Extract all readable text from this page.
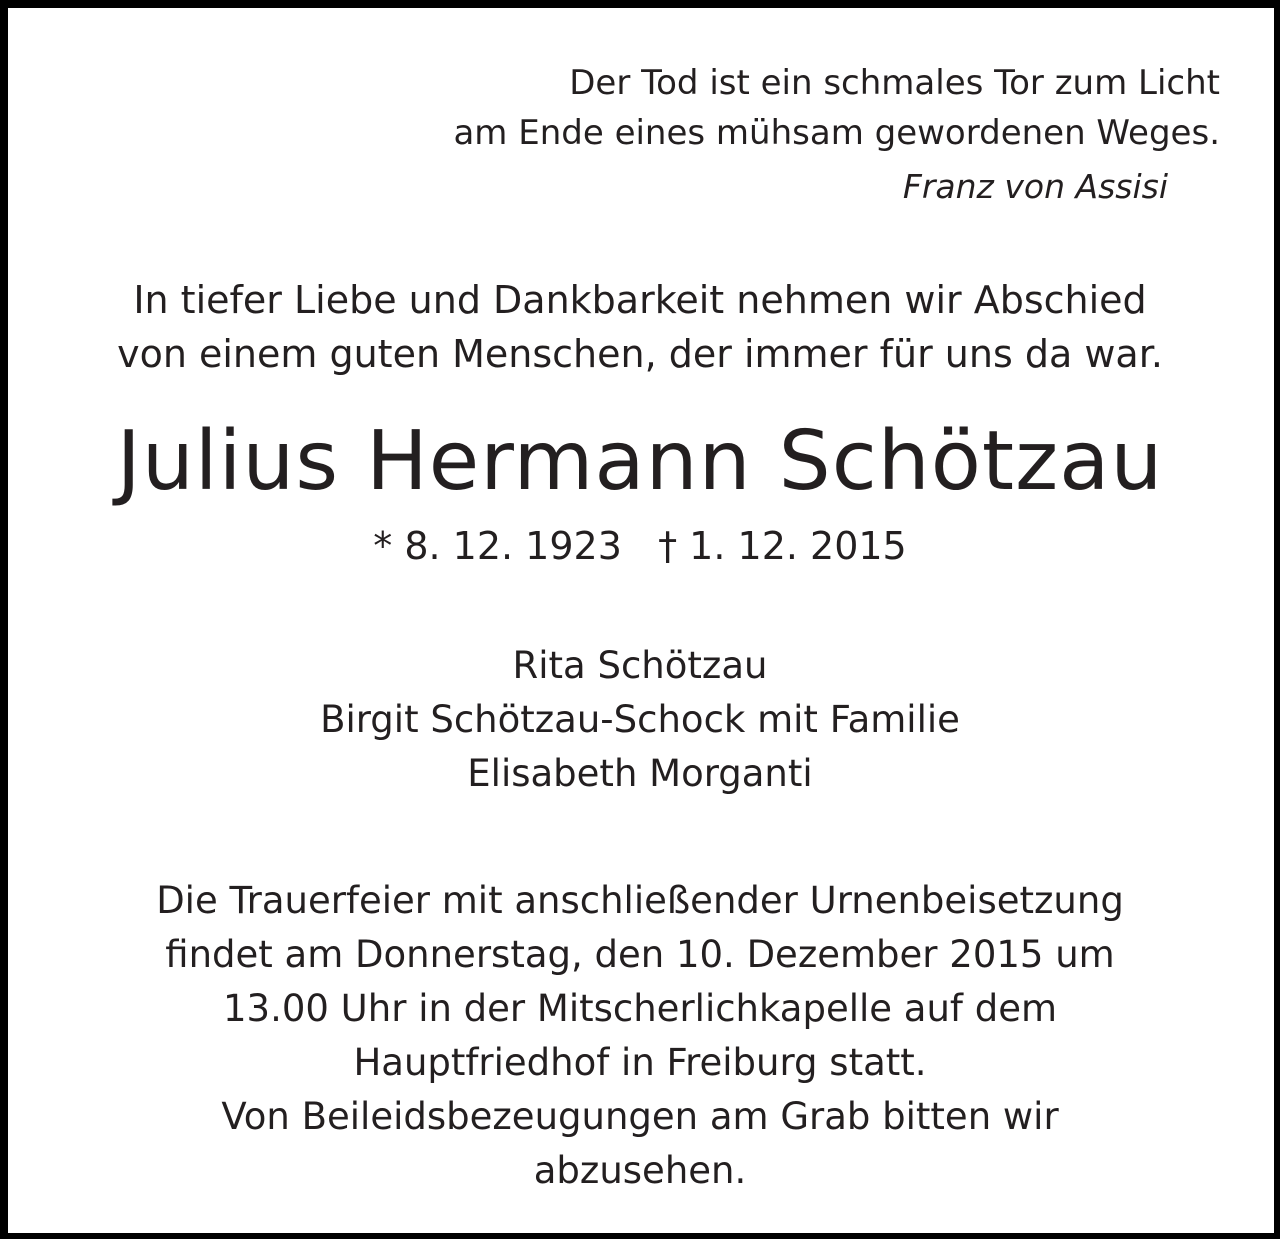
Der Tod ist ein schmales Tor zum Licht

am Ende eines mühsam gewordenen Weges.

Franz von Assisi

In tiefer Liebe und Dankbarkeit nehmen wir Abschied

von einem guten Menschen, der immer für uns da war.

Julius Hermann Schötzau

* 8. 12. 1923   † 1. 12. 2015

Rita Schötzau

Birgit Schötzau-Schock mit Familie

Elisabeth Morganti

Die Trauerfeier mit anschließender Urnenbeisetzung

findet am Donnerstag, den 10. Dezember 2015 um

13.00 Uhr in der Mitscherlichkapelle auf dem

Hauptfriedhof in Freiburg statt.

Von Beileidsbezeugungen am Grab bitten wir

abzusehen.
